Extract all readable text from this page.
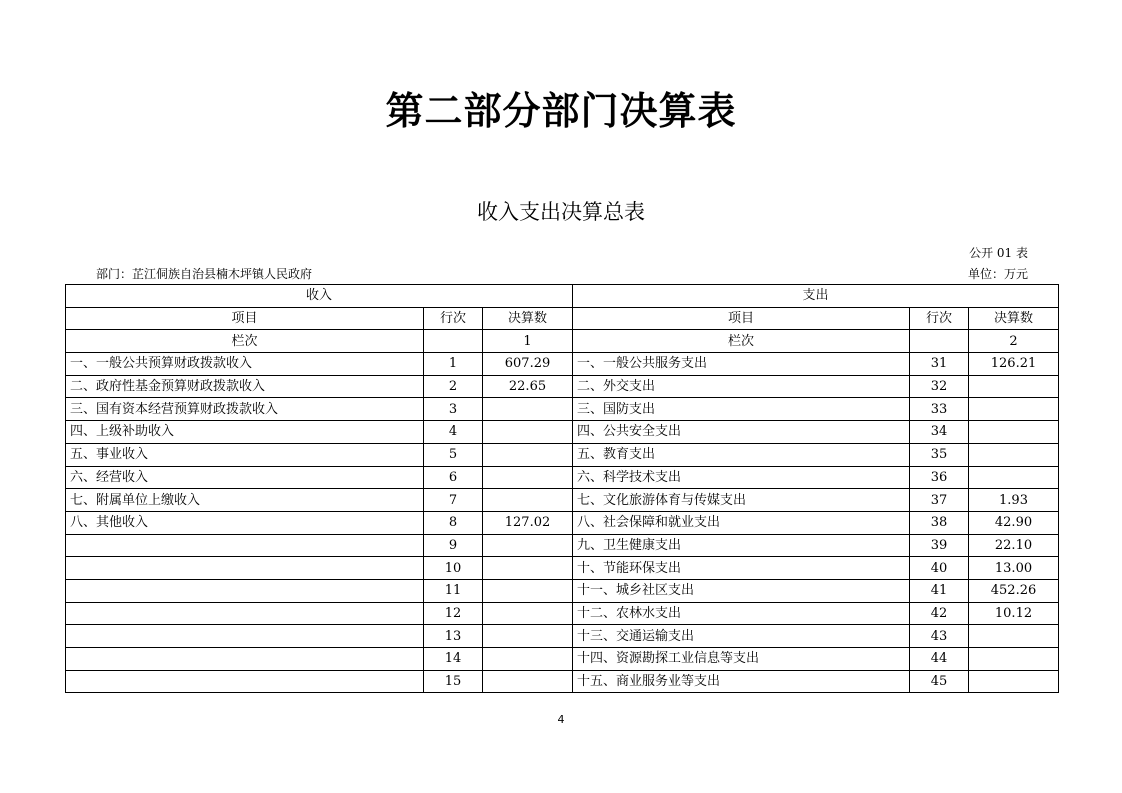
第二部分部门决算表
收入支出决算总表
公开 01 表
部门：芷江侗族自治县楠木坪镇人民政府	单位：万元
收入			支出		
项目	行次	决算数	项目	行次	决算数
栏次		1	栏次		2
一、一般公共预算财政拨款收入	1	607.29	一、一般公共服务支出	31	126.21
二、政府性基金预算财政拨款收入	2	22.65	二、外交支出	32	
三、国有资本经营预算财政拨款收入	3		三、国防支出	33	
四、上级补助收入	4		四、公共安全支出	34	
五、事业收入	5		五、教育支出	35	
六、经营收入	6		六、科学技术支出	36	
七、附属单位上缴收入	7		七、文化旅游体育与传媒支出	37	1.93
八、其他收入	8	127.02	八、社会保障和就业支出	38	42.90
	9		九、卫生健康支出	39	22.10
	10		十、节能环保支出	40	13.00
	11		十一、城乡社区支出	41	452.26
	12		十二、农林水支出	42	10.12
	13		十三、交通运输支出	43	
	14		十四、资源勘探工业信息等支出	44	
	15		十五、商业服务业等支出	45	
4
